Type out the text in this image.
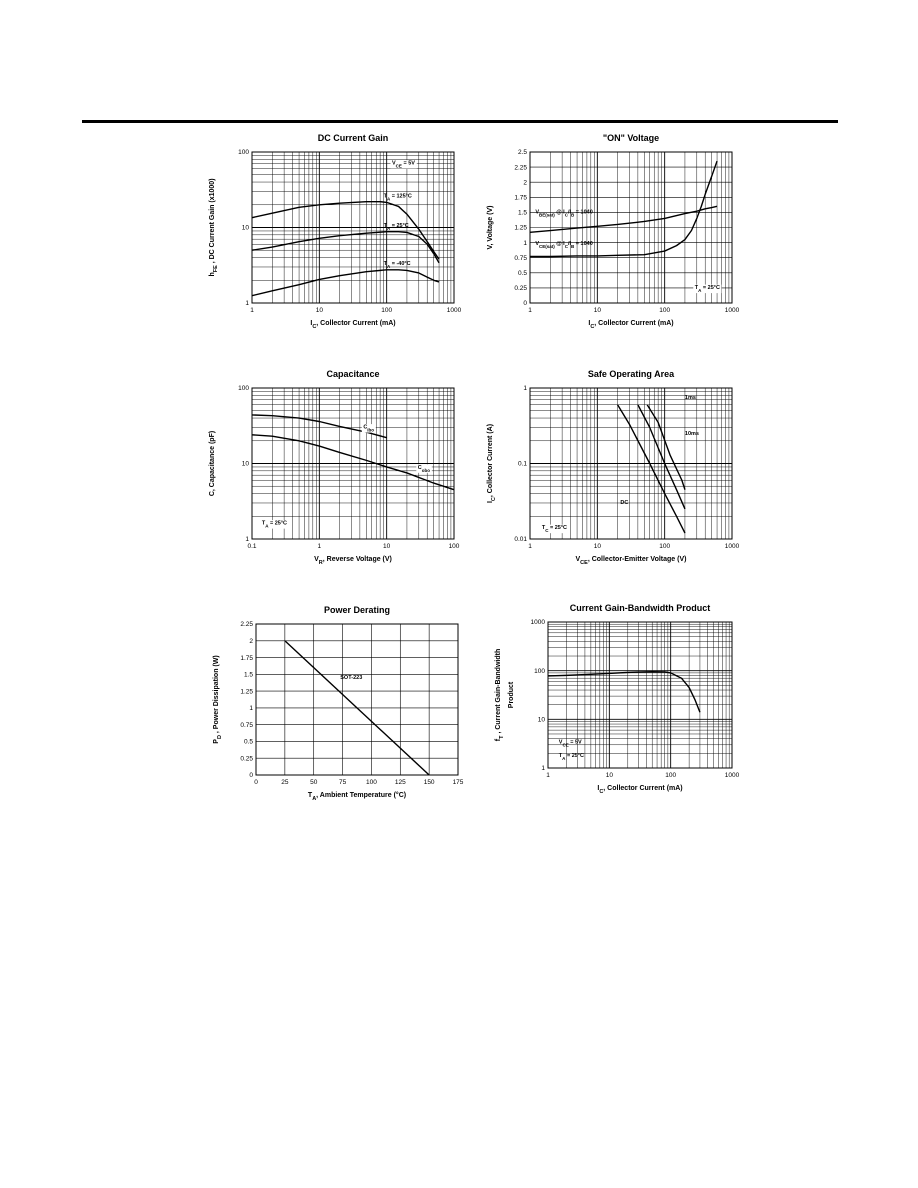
1	10	100	1000
1
10
100
$V_{CE} = 5V$
$T_A = 125^\circ C$
$T_A = 25^\circ C$
$T_A = -40^\circ C$
DC Current Gain
$I_C$, Collector Current (mA)
$h_{FE}$ , DC Current Gain (x1000)
1	10	100	1000
0
0.25
0.5
0.75
1
1.25
1.5
1.75
2
2.25
2.5
$V_{BE(sat)}$ @ $I_C/I_B = 1040$
$V_{CE(sat)}$ @ $I_C/I_B = 1040$
$T_A = 25^\circ C$
"ON" Voltage
$I_C$, Collector Current (mA)
V, Voltage (V)
0.1	1	10	100
1
10
100
$C_{ibo}$
$C_{obo}$
$T_A = 25^\circ C$
Capacitance
$V_R$, Reverse Voltage (V)
C, Capacitance (pF)
1	10	100	1000
0.01
0.1
1
1ms
10ms
DC
$T_C = 25^\circ C$
Safe Operating Area
$V_{CE}$, Collector-Emitter Voltage (V)
$I_C$, Collector Current (A)
0	25	50	75	100	125	150	175
0
0.25
0.5
0.75
1
1.25
1.5
1.75
2
2.25
SOT-223
Power Derating
$T_A$, Ambient Temperature (°C)
$P_D$ , Power Dissipation (W)
1	10	100	1000
1
10
100
1000
$V_{CE} = 5V$
$T_A = 25^\circ C$
Current Gain-Bandwidth Product
$I_C$, Collector Current (mA)
$f_T$ , Current Gain-Bandwidth Product
